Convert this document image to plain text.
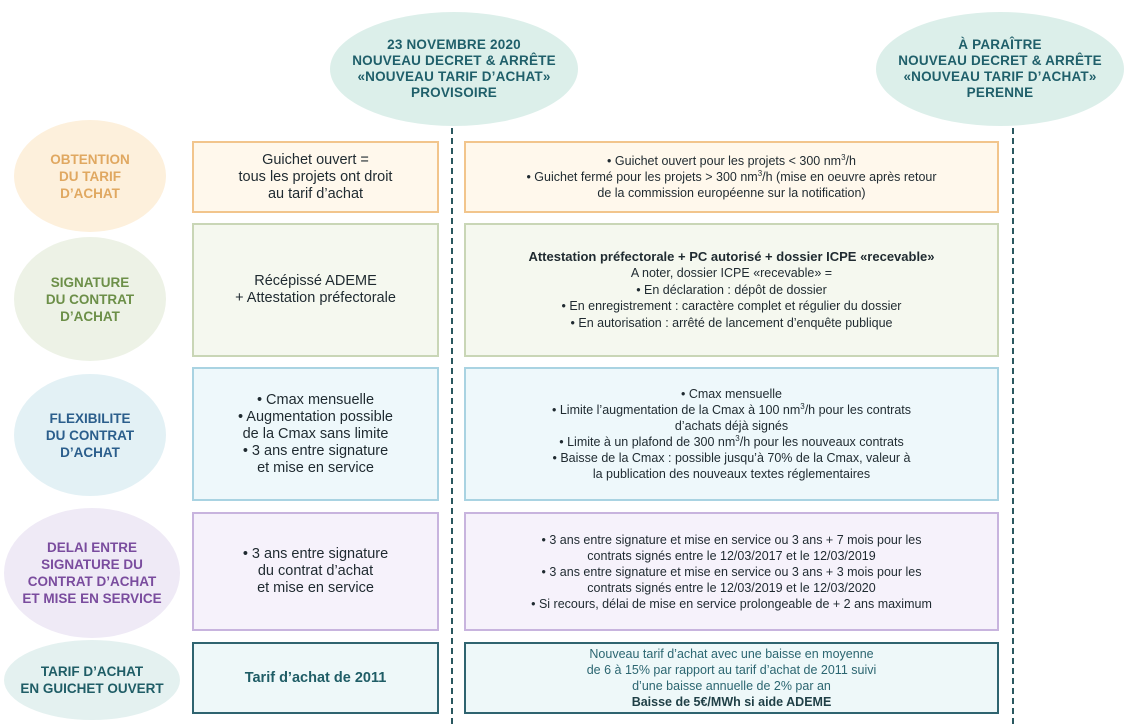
23 NOVEMBRE 2020
NOUVEAU DECRET & ARRÊTE
«NOUVEAU TARIF D’ACHAT»
PROVISOIRE
À PARAÎTRE
NOUVEAU DECRET & ARRÊTE
«NOUVEAU TARIF D’ACHAT»
PERENNE
OBTENTION
DU TARIF
D’ACHAT
Guichet ouvert =
tous les projets ont droit
au tarif d’achat
• Guichet ouvert pour les projets < 300 $nm^3/h$
• Guichet fermé pour les projets > 300 $nm^3/h$ (mise en oeuvre après retour
de la commission européenne sur la notification)
SIGNATURE
DU CONTRAT
D’ACHAT
Récépissé ADEME
+ Attestation préfectorale
Attestation préfectorale + PC autorisé + dossier ICPE «recevable»
A noter, dossier ICPE «recevable» =
• En déclaration : dépôt de dossier
• En enregistrement : caractère complet et régulier du dossier
• En autorisation : arrêté de lancement d’enquête publique
FLEXIBILITE
DU CONTRAT
D’ACHAT
• Cmax mensuelle
• Augmentation possible
de la Cmax sans limite
• 3 ans entre signature
et mise en service
• Cmax mensuelle
• Limite l’augmentation de la Cmax à 100 $nm^3/h$ pour les contrats
d’achats déjà signés
• Limite à un plafond de 300 $nm^3/h$ pour les nouveaux contrats
• Baisse de la Cmax : possible jusqu’à 70% de la Cmax, valeur à
la publication des nouveaux textes réglementaires
DELAI ENTRE
SIGNATURE DU
CONTRAT D’ACHAT
ET MISE EN SERVICE
• 3 ans entre signature
du contrat d’achat
et mise en service
• 3 ans entre signature et mise en service ou 3 ans + 7 mois pour les
contrats signés entre le 12/03/2017 et le 12/03/2019
• 3 ans entre signature et mise en service ou 3 ans + 3 mois pour les
contrats signés entre le 12/03/2019 et le 12/03/2020
• Si recours, délai de mise en service prolongeable de + 2 ans maximum
TARIF D’ACHAT
EN GUICHET OUVERT
Tarif d’achat de 2011
Nouveau tarif d’achat avec une baisse en moyenne
de 6 à 15% par rapport au tarif d’achat de 2011 suivi
d’une baisse annuelle de 2% par an
Baisse de 5€/MWh si aide ADEME
